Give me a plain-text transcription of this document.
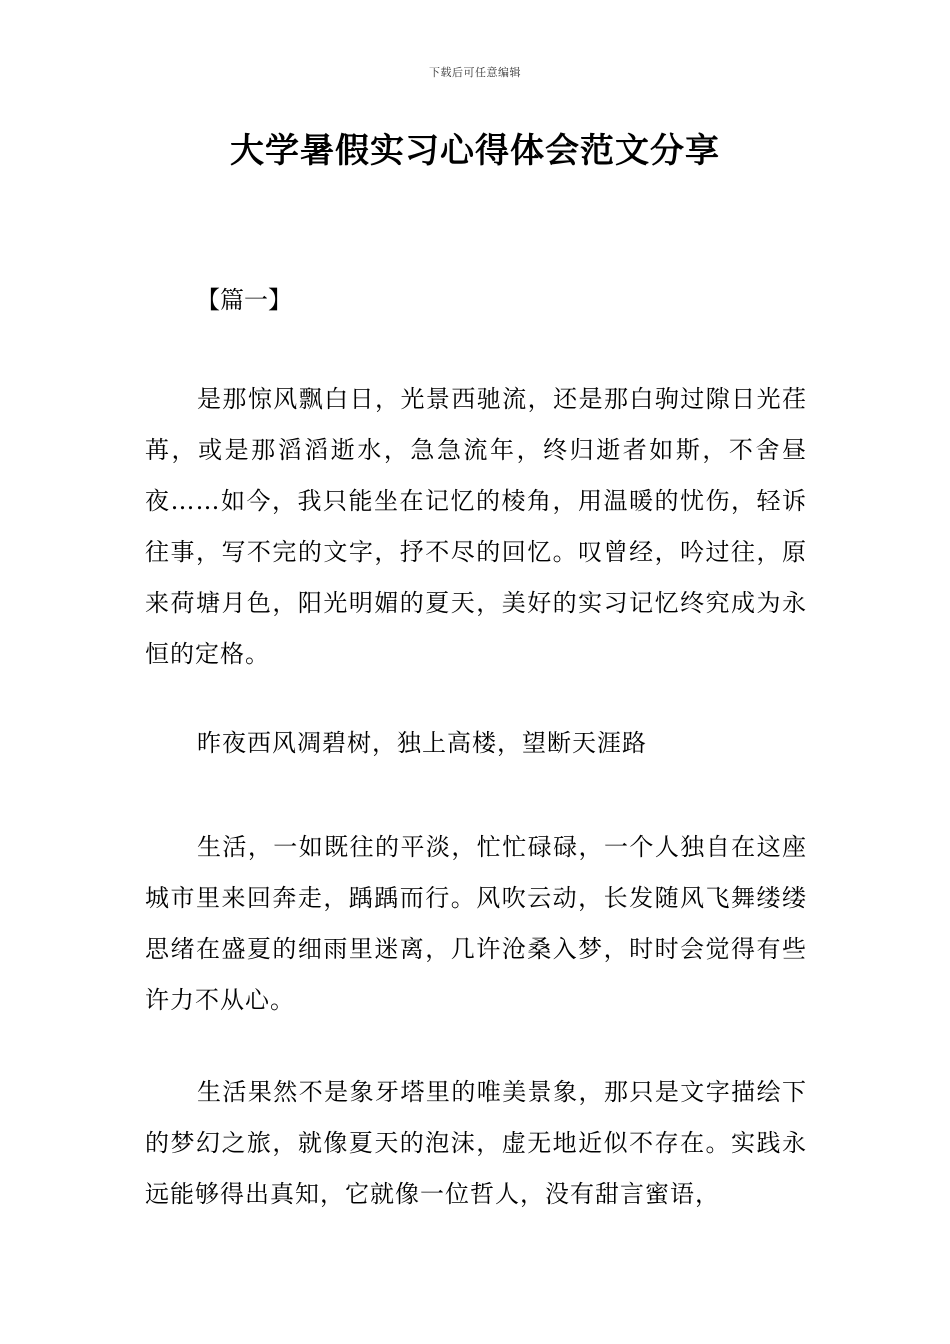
下载后可任意编辑
大学暑假实习心得体会范文分享
【篇一】

是那惊风飘白日，光景西驰流，还是那白驹过隙日光荏苒，或是那滔滔逝水，急急流年，终归逝者如斯，不舍昼夜……如今，我只能坐在记忆的棱角，用温暖的忧伤，轻诉往事，写不完的文字，抒不尽的回忆。叹曾经，吟过往，原来荷塘月色，阳光明媚的夏天，美好的实习记忆终究成为永恒的定格。

昨夜西风凋碧树，独上高楼，望断天涯路

生活，一如既往的平淡，忙忙碌碌，一个人独自在这座城市里来回奔走，踽踽而行。风吹云动，长发随风飞舞缕缕思绪在盛夏的细雨里迷离，几许沧桑入梦，时时会觉得有些许力不从心。

生活果然不是象牙塔里的唯美景象，那只是文字描绘下的梦幻之旅，就像夏天的泡沫，虚无地近似不存在。实践永远能够得出真知，它就像一位哲人，没有甜言蜜语，
